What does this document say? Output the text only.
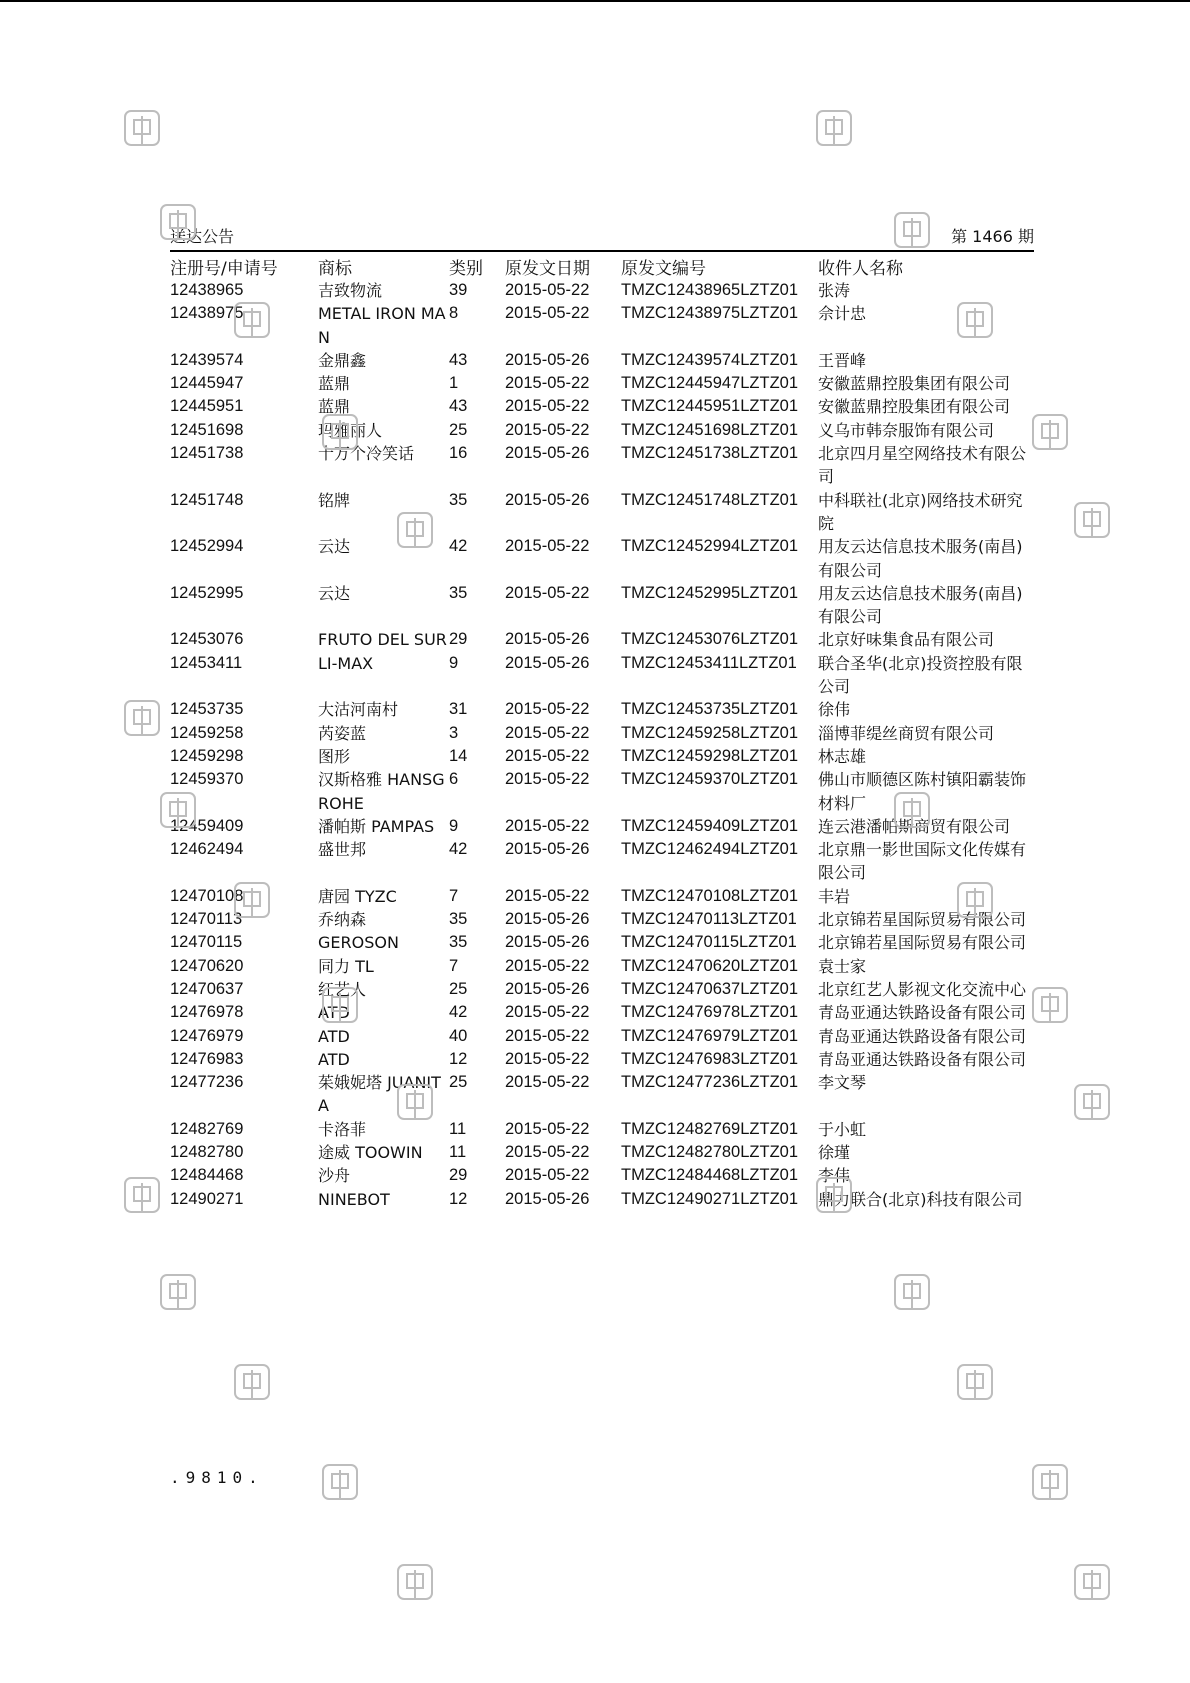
送达公告	第 1466 期
注册号/申请号	商标	类别	原发文日期	原发文编号	收件人名称
12438965	吉致物流	39	2015-05-22	TMZC12438965LZTZ01	张涛
12438975	METAL IRON MAN	8	2015-05-22	TMZC12438975LZTZ01	佘计忠
12439574	金鼎鑫	43	2015-05-26	TMZC12439574LZTZ01	王晋峰
12445947	蓝鼎	1	2015-05-22	TMZC12445947LZTZ01	安徽蓝鼎控股集团有限公司
12445951	蓝鼎	43	2015-05-22	TMZC12445951LZTZ01	安徽蓝鼎控股集团有限公司
12451698	玛雅丽人	25	2015-05-22	TMZC12451698LZTZ01	义乌市韩奈服饰有限公司
12451738	十万个冷笑话	16	2015-05-26	TMZC12451738LZTZ01	北京四月星空网络技术有限公司
12451748	铭牌	35	2015-05-26	TMZC12451748LZTZ01	中科联社(北京)网络技术研究院
12452994	云达	42	2015-05-22	TMZC12452994LZTZ01	用友云达信息技术服务(南昌)有限公司
12452995	云达	35	2015-05-22	TMZC12452995LZTZ01	用友云达信息技术服务(南昌)有限公司
12453076	FRUTO DEL SUR	29	2015-05-26	TMZC12453076LZTZ01	北京好味集食品有限公司
12453411	LI-MAX	9	2015-05-26	TMZC12453411LZTZ01	联合圣华(北京)投资控股有限公司
12453735	大沽河南村	31	2015-05-22	TMZC12453735LZTZ01	徐伟
12459258	芮姿蓝	3	2015-05-22	TMZC12459258LZTZ01	淄博菲缇丝商贸有限公司
12459298	图形	14	2015-05-22	TMZC12459298LZTZ01	林志雄
12459370	汉斯格雅 HANSGROHE	6	2015-05-22	TMZC12459370LZTZ01	佛山市顺德区陈村镇阳霸装饰材料厂
12459409	潘帕斯 PAMPAS	9	2015-05-22	TMZC12459409LZTZ01	连云港潘帕斯商贸有限公司
12462494	盛世邦	42	2015-05-26	TMZC12462494LZTZ01	北京鼎一影世国际文化传媒有限公司
12470108	唐园 TYZC	7	2015-05-22	TMZC12470108LZTZ01	丰岩
12470113	乔纳森	35	2015-05-26	TMZC12470113LZTZ01	北京锦若星国际贸易有限公司
12470115	GEROSON	35	2015-05-26	TMZC12470115LZTZ01	北京锦若星国际贸易有限公司
12470620	同力 TL	7	2015-05-22	TMZC12470620LZTZ01	袁士家
12470637	红艺人	25	2015-05-26	TMZC12470637LZTZ01	北京红艺人影视文化交流中心
12476978	ATD	42	2015-05-22	TMZC12476978LZTZ01	青岛亚通达铁路设备有限公司
12476979	ATD	40	2015-05-22	TMZC12476979LZTZ01	青岛亚通达铁路设备有限公司
12476983	ATD	12	2015-05-22	TMZC12476983LZTZ01	青岛亚通达铁路设备有限公司
12477236	茱娥妮塔 JUANITA	25	2015-05-22	TMZC12477236LZTZ01	李文琴
12482769	卡洛菲	11	2015-05-22	TMZC12482769LZTZ01	于小虹
12482780	途威 TOOWIN	11	2015-05-22	TMZC12482780LZTZ01	徐瑾
12484468	沙舟	29	2015-05-22	TMZC12484468LZTZ01	李伟
12490271	NINEBOT	12	2015-05-26	TMZC12490271LZTZ01	鼎力联合(北京)科技有限公司
.9810.
